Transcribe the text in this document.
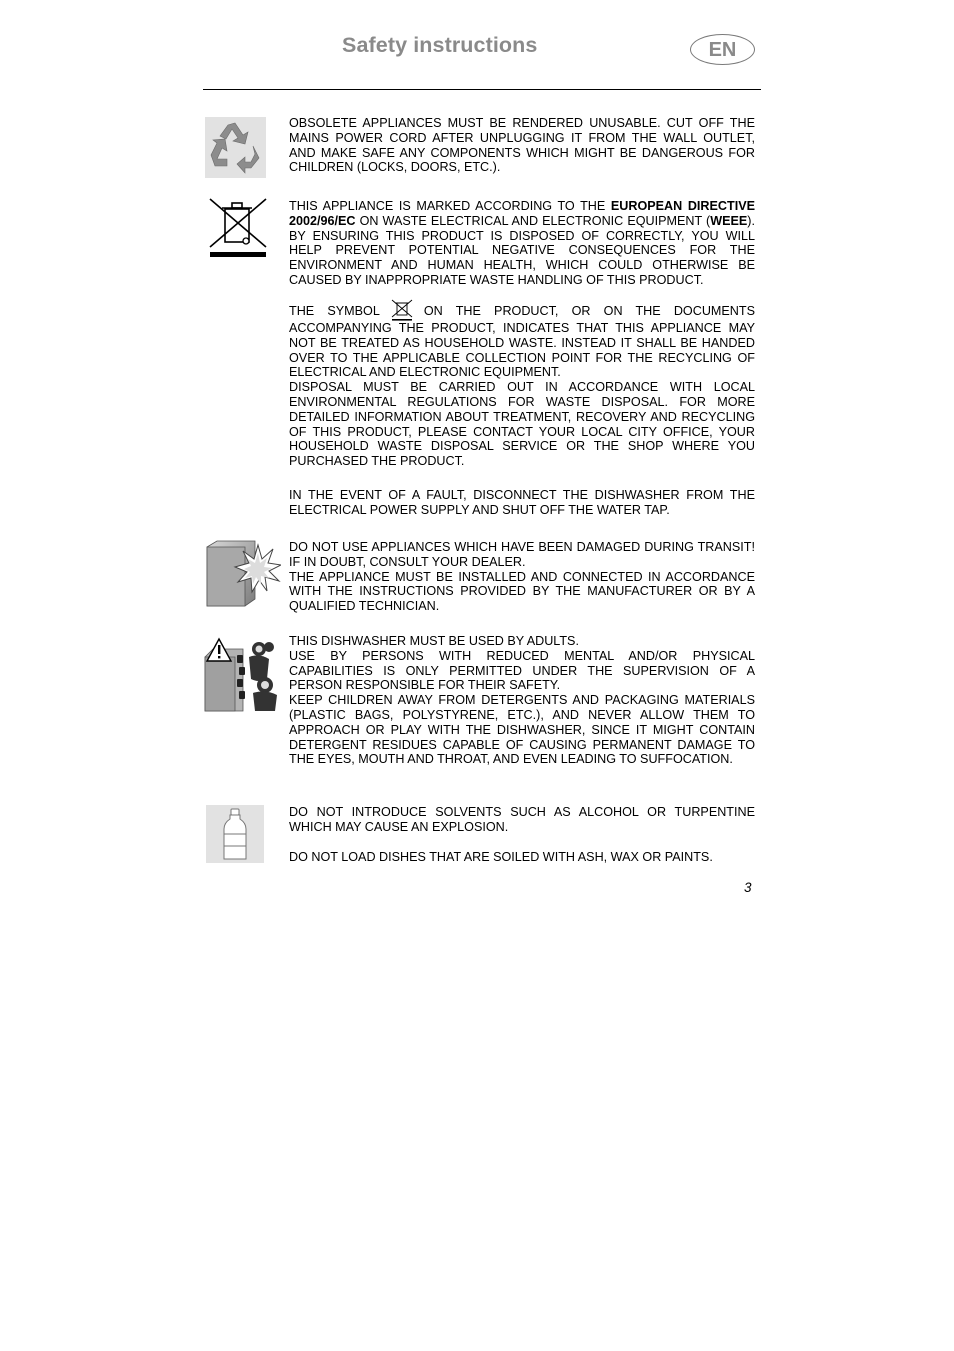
Safety instructions	EN
OBSOLETE APPLIANCES MUST BE RENDERED UNUSABLE. CUT OFF THE MAINS POWER CORD AFTER UNPLUGGING IT FROM THE WALL OUTLET, AND MAKE SAFE ANY COMPONENTS WHICH MIGHT BE DANGEROUS FOR CHILDREN (LOCKS, DOORS, ETC.).
THIS APPLIANCE IS MARKED ACCORDING TO THE EUROPEAN DIRECTIVE 2002/96/EC ON WASTE ELECTRICAL AND ELECTRONIC EQUIPMENT (WEEE). BY ENSURING THIS PRODUCT IS DISPOSED OF CORRECTLY, YOU WILL HELP PREVENT POTENTIAL NEGATIVE CONSEQUENCES FOR THE ENVIRONMENT AND HUMAN HEALTH, WHICH COULD OTHERWISE BE CAUSED BY INAPPROPRIATE WASTE HANDLING OF THIS PRODUCT.
THE SYMBOL	ON THE PRODUCT, OR ON THE DOCUMENTS
ACCOMPANYING THE PRODUCT, INDICATES THAT THIS APPLIANCE MAY NOT BE TREATED AS HOUSEHOLD WASTE. INSTEAD IT SHALL BE HANDED OVER TO THE APPLICABLE COLLECTION POINT FOR THE RECYCLING OF ELECTRICAL AND ELECTRONIC EQUIPMENT.
DISPOSAL MUST BE CARRIED OUT IN ACCORDANCE WITH LOCAL ENVIRONMENTAL REGULATIONS FOR WASTE DISPOSAL. FOR MORE DETAILED INFORMATION ABOUT TREATMENT, RECOVERY AND RECYCLING OF THIS PRODUCT, PLEASE CONTACT YOUR LOCAL CITY OFFICE, YOUR HOUSEHOLD WASTE DISPOSAL SERVICE OR THE SHOP WHERE YOU PURCHASED THE PRODUCT.
IN THE EVENT OF A FAULT, DISCONNECT THE DISHWASHER FROM THE ELECTRICAL POWER SUPPLY AND SHUT OFF THE WATER TAP.
DO NOT USE APPLIANCES WHICH HAVE BEEN DAMAGED DURING TRANSIT! IF IN DOUBT, CONSULT YOUR DEALER.
THE APPLIANCE MUST BE INSTALLED AND CONNECTED IN ACCORDANCE WITH THE INSTRUCTIONS PROVIDED BY THE MANUFACTURER OR BY A QUALIFIED TECHNICIAN.
THIS DISHWASHER MUST BE USED BY ADULTS.
USE BY PERSONS WITH REDUCED MENTAL AND/OR PHYSICAL CAPABILITIES IS ONLY PERMITTED UNDER THE SUPERVISION OF A PERSON RESPONSIBLE FOR THEIR SAFETY.
KEEP CHILDREN AWAY FROM DETERGENTS AND PACKAGING MATERIALS (PLASTIC BAGS, POLYSTYRENE, ETC.), AND NEVER ALLOW THEM TO APPROACH OR PLAY WITH THE DISHWASHER, SINCE IT MIGHT CONTAIN DETERGENT RESIDUES CAPABLE OF CAUSING PERMANENT DAMAGE TO THE EYES, MOUTH AND THROAT, AND EVEN LEADING TO SUFFOCATION.
DO NOT INTRODUCE SOLVENTS SUCH AS ALCOHOL OR TURPENTINE WHICH MAY CAUSE AN EXPLOSION.
DO NOT LOAD DISHES THAT ARE SOILED WITH ASH, WAX OR PAINTS.
3
